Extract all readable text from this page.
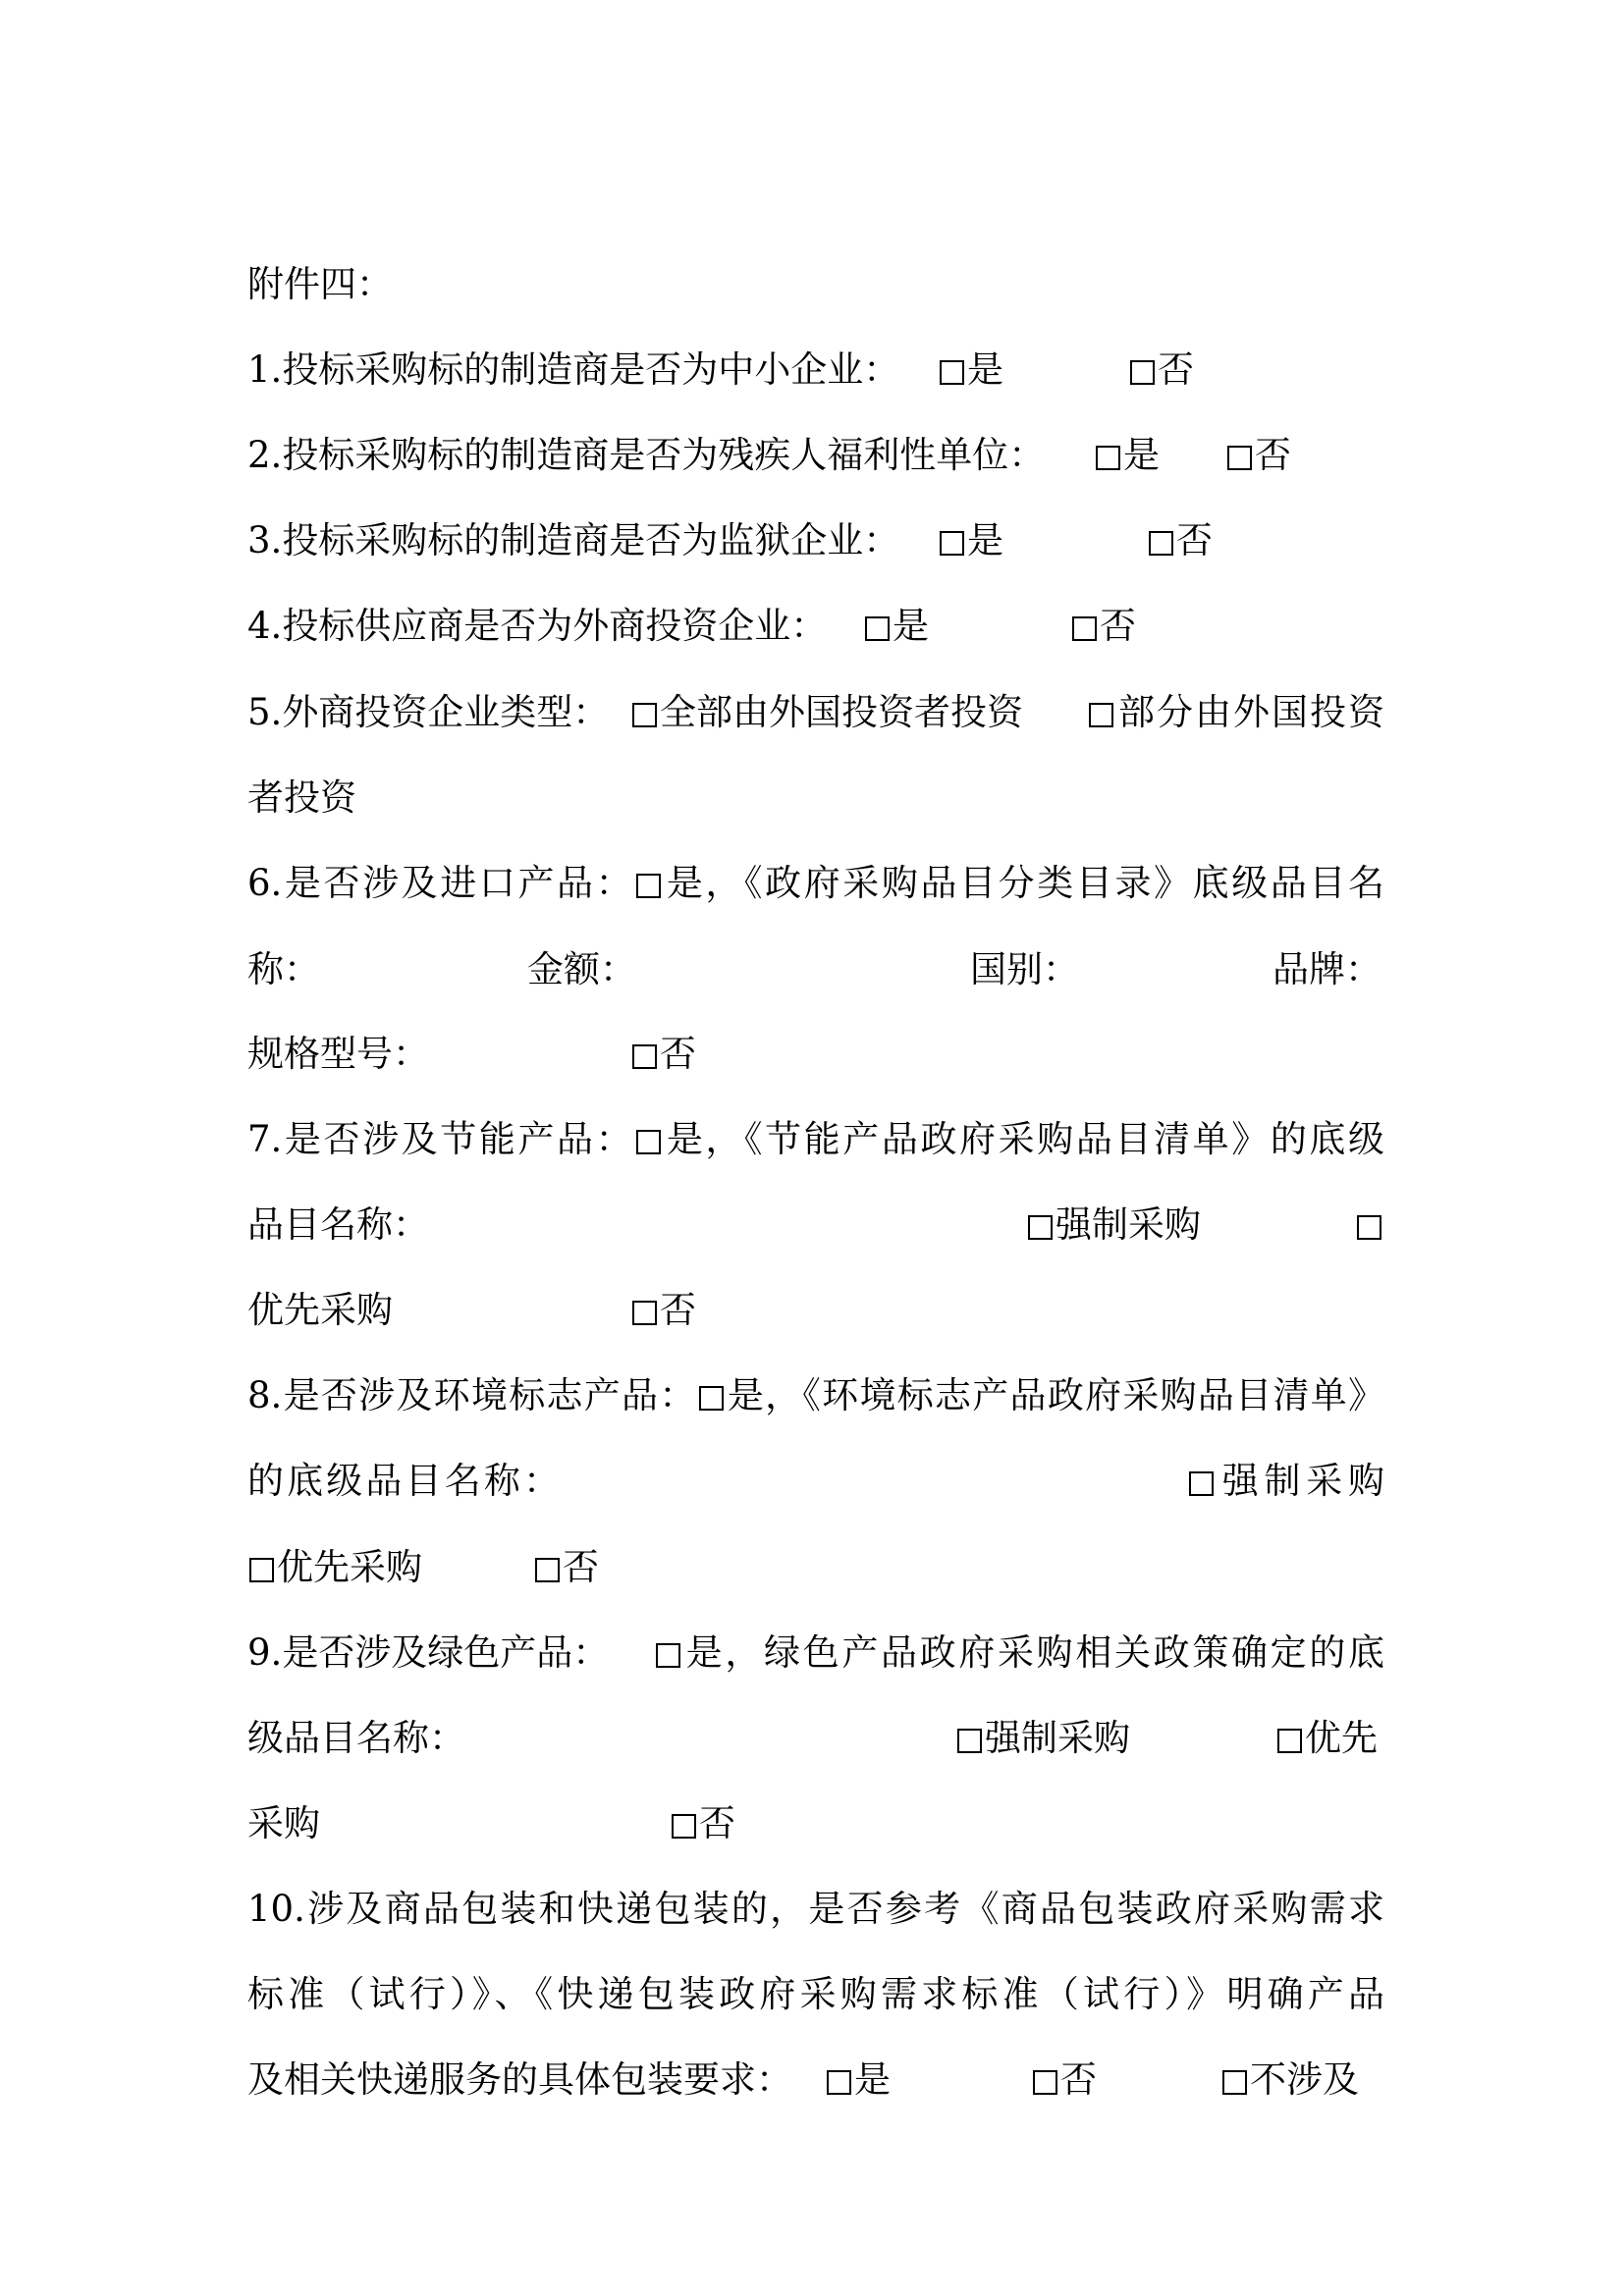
附件四：
1.投标采购标的制造商是否为中小企业：	是	否
2.投标采购标的制造商是否为残疾人福利性单位：	是	否
3.投标采购标的制造商是否为监狱企业：	是	否
4.投标供应商是否为外商投资企业：	是	否
5.外商投资企业类型：	全部由外国投资者投资	部分由外国投资
者投资
6.是否涉及进口产品： 是，《政府采购品目分类目录》底级品目名
称：	金额：	国别：	品牌：
规格型号：	否
7.是否涉及节能产品： 是，《节能产品政府采购品目清单》的底级
品目名称：	强制采购
优先采购	否
8.是否涉及环境标志产品： 是，《环境标志产品政府采购品目清单》
的底级品目名称：	强制采购
优先采购	否
9.是否涉及绿色产品：	是，绿色产品政府采购相关政策确定的底
级品目名称：	强制采购	优先
采购	否
10.涉及商品包装和快递包装的，是否参考《商品包装政府采购需求
标准（试行）》、《快递包装政府采购需求标准（试行）》明确产品
及相关快递服务的具体包装要求：	是	否	不涉及
